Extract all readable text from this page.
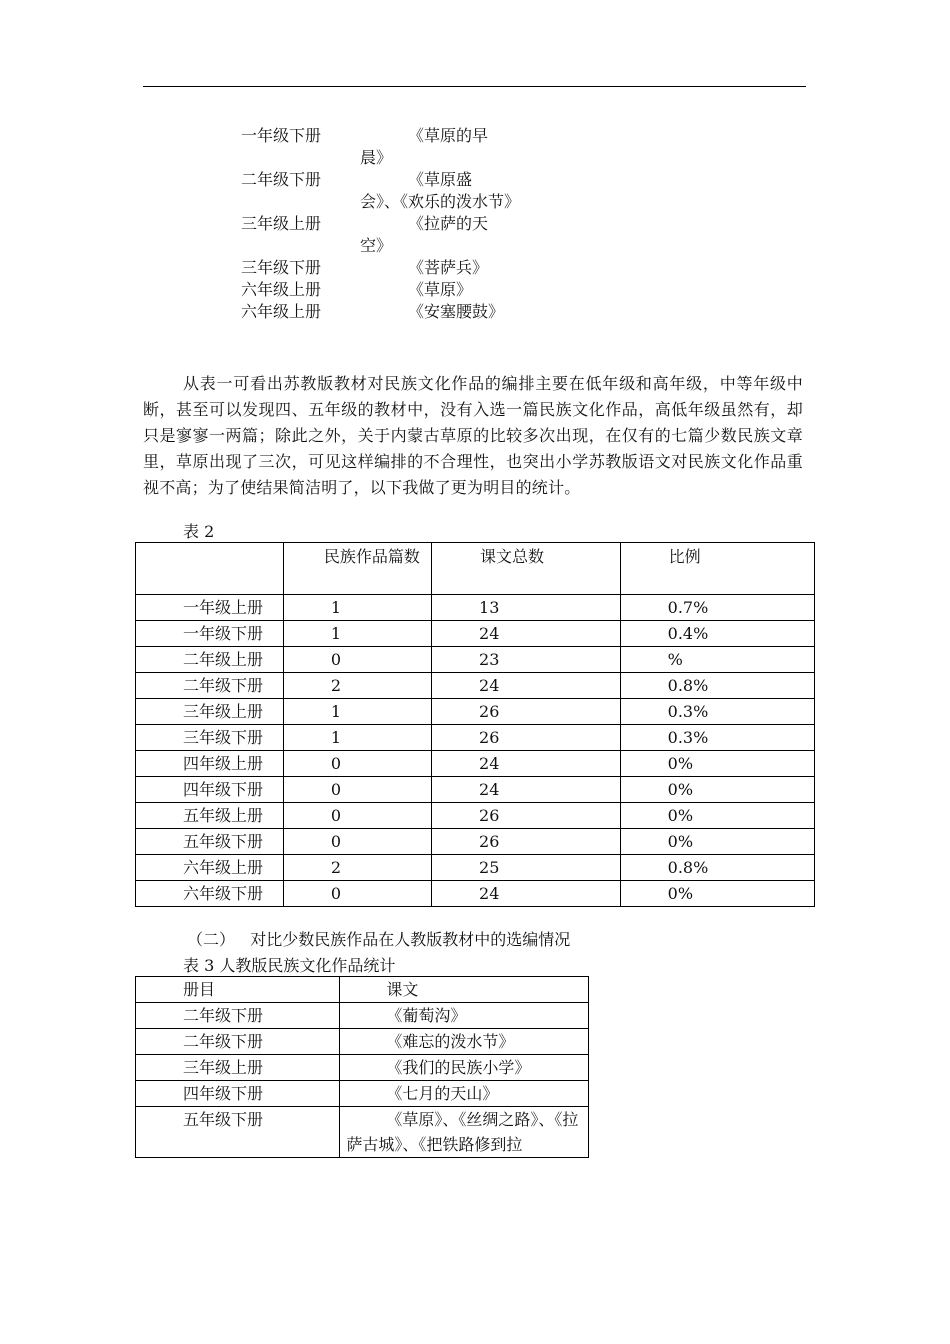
一年级下册	《草原的早晨》
二年级下册	《草原盛会》、《欢乐的泼水节》
三年级上册	《拉萨的天空》
三年级下册	《菩萨兵》
六年级上册	《草原》
六年级上册	《安塞腰鼓》
从表一可看出苏教版教材对民族文化作品的编排主要在低年级和高年级，中等年级中断，甚至可以发现四、五年级的教材中，没有入选一篇民族文化作品，高低年级虽然有，却只是寥寥一两篇；除此之外，关于内蒙古草原的比较多次出现，在仅有的七篇少数民族文章里，草原出现了三次，可见这样编排的不合理性，也突出小学苏教版语文对民族文化作品重视不高；为了使结果简洁明了，以下我做了更为明目的统计。
表 2
	民族作品篇数	课文总数	比例
一年级上册	1	13	0.7%
一年级下册	1	24	0.4%
二年级上册	0	23	%
二年级下册	2	24	0.8%
三年级上册	1	26	0.3%
三年级下册	1	26	0.3%
四年级上册	0	24	0%
四年级下册	0	24	0%
五年级上册	0	26	0%
五年级下册	0	26	0%
六年级上册	2	25	0.8%
六年级下册	0	24	0%
（二）   对比少数民族作品在人教版教材中的选编情况
表 3 人教版民族文化作品统计
册目	课文
二年级下册	《葡萄沟》
二年级下册	《难忘的泼水节》
三年级上册	《我们的民族小学》
四年级下册	《七月的天山》
五年级下册	《草原》、《丝绸之路》、《拉萨古城》、《把铁路修到拉
